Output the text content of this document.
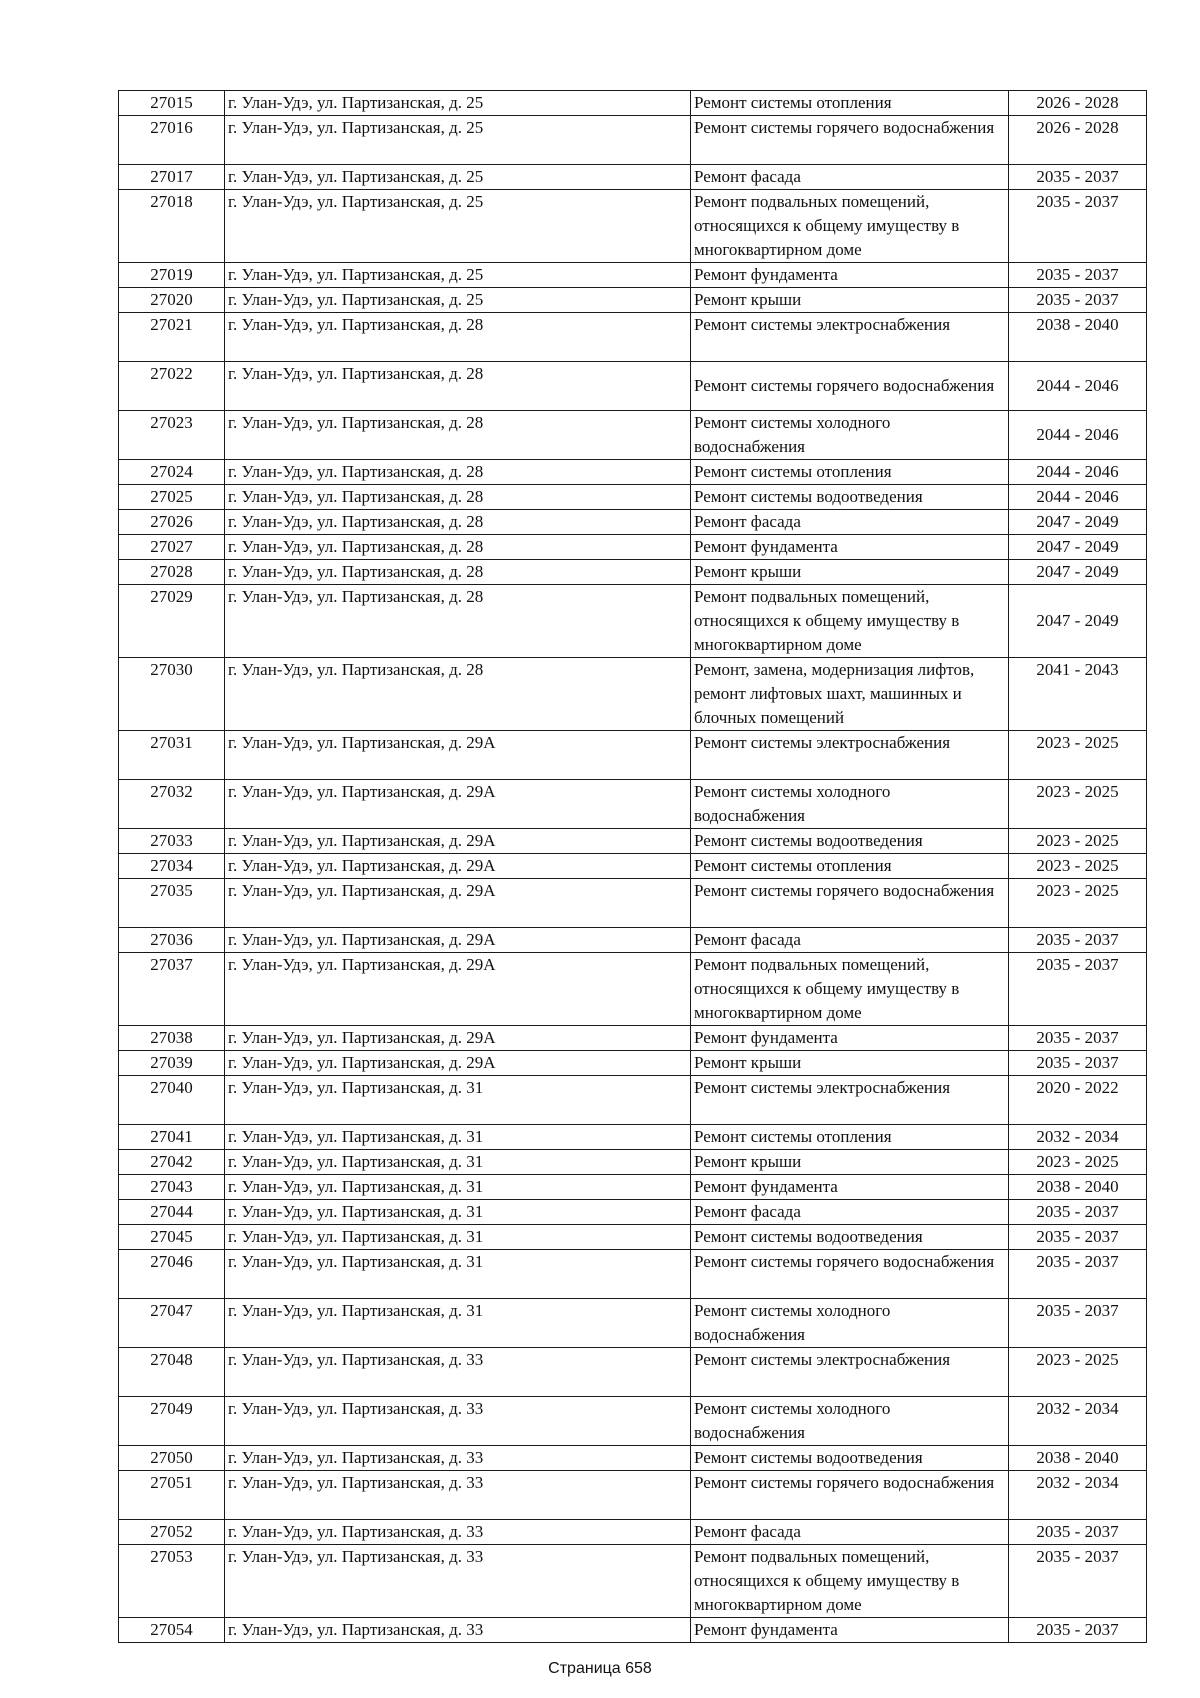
27015	г. Улан-Удэ, ул. Партизанская, д. 25	Ремонт системы отопления	2026 - 2028
27016	г. Улан-Удэ, ул. Партизанская, д. 25	Ремонт системы горячего водоснабжения	2026 - 2028
27017	г. Улан-Удэ, ул. Партизанская, д. 25	Ремонт фасада	2035 - 2037
27018	г. Улан-Удэ, ул. Партизанская, д. 25	Ремонт подвальных помещений, относящихся к общему имуществу в многоквартирном доме	2035 - 2037
27019	г. Улан-Удэ, ул. Партизанская, д. 25	Ремонт фундамента	2035 - 2037
27020	г. Улан-Удэ, ул. Партизанская, д. 25	Ремонт крыши	2035 - 2037
27021	г. Улан-Удэ, ул. Партизанская, д. 28	Ремонт системы электроснабжения	2038 - 2040
27022	г. Улан-Удэ, ул. Партизанская, д. 28	Ремонт системы горячего водоснабжения	2044 - 2046
27023	г. Улан-Удэ, ул. Партизанская, д. 28	Ремонт системы холодного водоснабжения	2044 - 2046
27024	г. Улан-Удэ, ул. Партизанская, д. 28	Ремонт системы отопления	2044 - 2046
27025	г. Улан-Удэ, ул. Партизанская, д. 28	Ремонт системы водоотведения	2044 - 2046
27026	г. Улан-Удэ, ул. Партизанская, д. 28	Ремонт фасада	2047 - 2049
27027	г. Улан-Удэ, ул. Партизанская, д. 28	Ремонт фундамента	2047 - 2049
27028	г. Улан-Удэ, ул. Партизанская, д. 28	Ремонт крыши	2047 - 2049
27029	г. Улан-Удэ, ул. Партизанская, д. 28	Ремонт подвальных помещений, относящихся к общему имуществу в многоквартирном доме	2047 - 2049
27030	г. Улан-Удэ, ул. Партизанская, д. 28	Ремонт, замена, модернизация лифтов, ремонт лифтовых шахт, машинных и блочных помещений	2041 - 2043
27031	г. Улан-Удэ, ул. Партизанская, д. 29А	Ремонт системы электроснабжения	2023 - 2025
27032	г. Улан-Удэ, ул. Партизанская, д. 29А	Ремонт системы холодного водоснабжения	2023 - 2025
27033	г. Улан-Удэ, ул. Партизанская, д. 29А	Ремонт системы водоотведения	2023 - 2025
27034	г. Улан-Удэ, ул. Партизанская, д. 29А	Ремонт системы отопления	2023 - 2025
27035	г. Улан-Удэ, ул. Партизанская, д. 29А	Ремонт системы горячего водоснабжения	2023 - 2025
27036	г. Улан-Удэ, ул. Партизанская, д. 29А	Ремонт фасада	2035 - 2037
27037	г. Улан-Удэ, ул. Партизанская, д. 29А	Ремонт подвальных помещений, относящихся к общему имуществу в многоквартирном доме	2035 - 2037
27038	г. Улан-Удэ, ул. Партизанская, д. 29А	Ремонт фундамента	2035 - 2037
27039	г. Улан-Удэ, ул. Партизанская, д. 29А	Ремонт крыши	2035 - 2037
27040	г. Улан-Удэ, ул. Партизанская, д. 31	Ремонт системы электроснабжения	2020 - 2022
27041	г. Улан-Удэ, ул. Партизанская, д. 31	Ремонт системы отопления	2032 - 2034
27042	г. Улан-Удэ, ул. Партизанская, д. 31	Ремонт крыши	2023 - 2025
27043	г. Улан-Удэ, ул. Партизанская, д. 31	Ремонт фундамента	2038 - 2040
27044	г. Улан-Удэ, ул. Партизанская, д. 31	Ремонт фасада	2035 - 2037
27045	г. Улан-Удэ, ул. Партизанская, д. 31	Ремонт системы водоотведения	2035 - 2037
27046	г. Улан-Удэ, ул. Партизанская, д. 31	Ремонт системы горячего водоснабжения	2035 - 2037
27047	г. Улан-Удэ, ул. Партизанская, д. 31	Ремонт системы холодного водоснабжения	2035 - 2037
27048	г. Улан-Удэ, ул. Партизанская, д. 33	Ремонт системы электроснабжения	2023 - 2025
27049	г. Улан-Удэ, ул. Партизанская, д. 33	Ремонт системы холодного водоснабжения	2032 - 2034
27050	г. Улан-Удэ, ул. Партизанская, д. 33	Ремонт системы водоотведения	2038 - 2040
27051	г. Улан-Удэ, ул. Партизанская, д. 33	Ремонт системы горячего водоснабжения	2032 - 2034
27052	г. Улан-Удэ, ул. Партизанская, д. 33	Ремонт фасада	2035 - 2037
27053	г. Улан-Удэ, ул. Партизанская, д. 33	Ремонт подвальных помещений, относящихся к общему имуществу в многоквартирном доме	2035 - 2037
27054	г. Улан-Удэ, ул. Партизанская, д. 33	Ремонт фундамента	2035 - 2037
Страница 658
